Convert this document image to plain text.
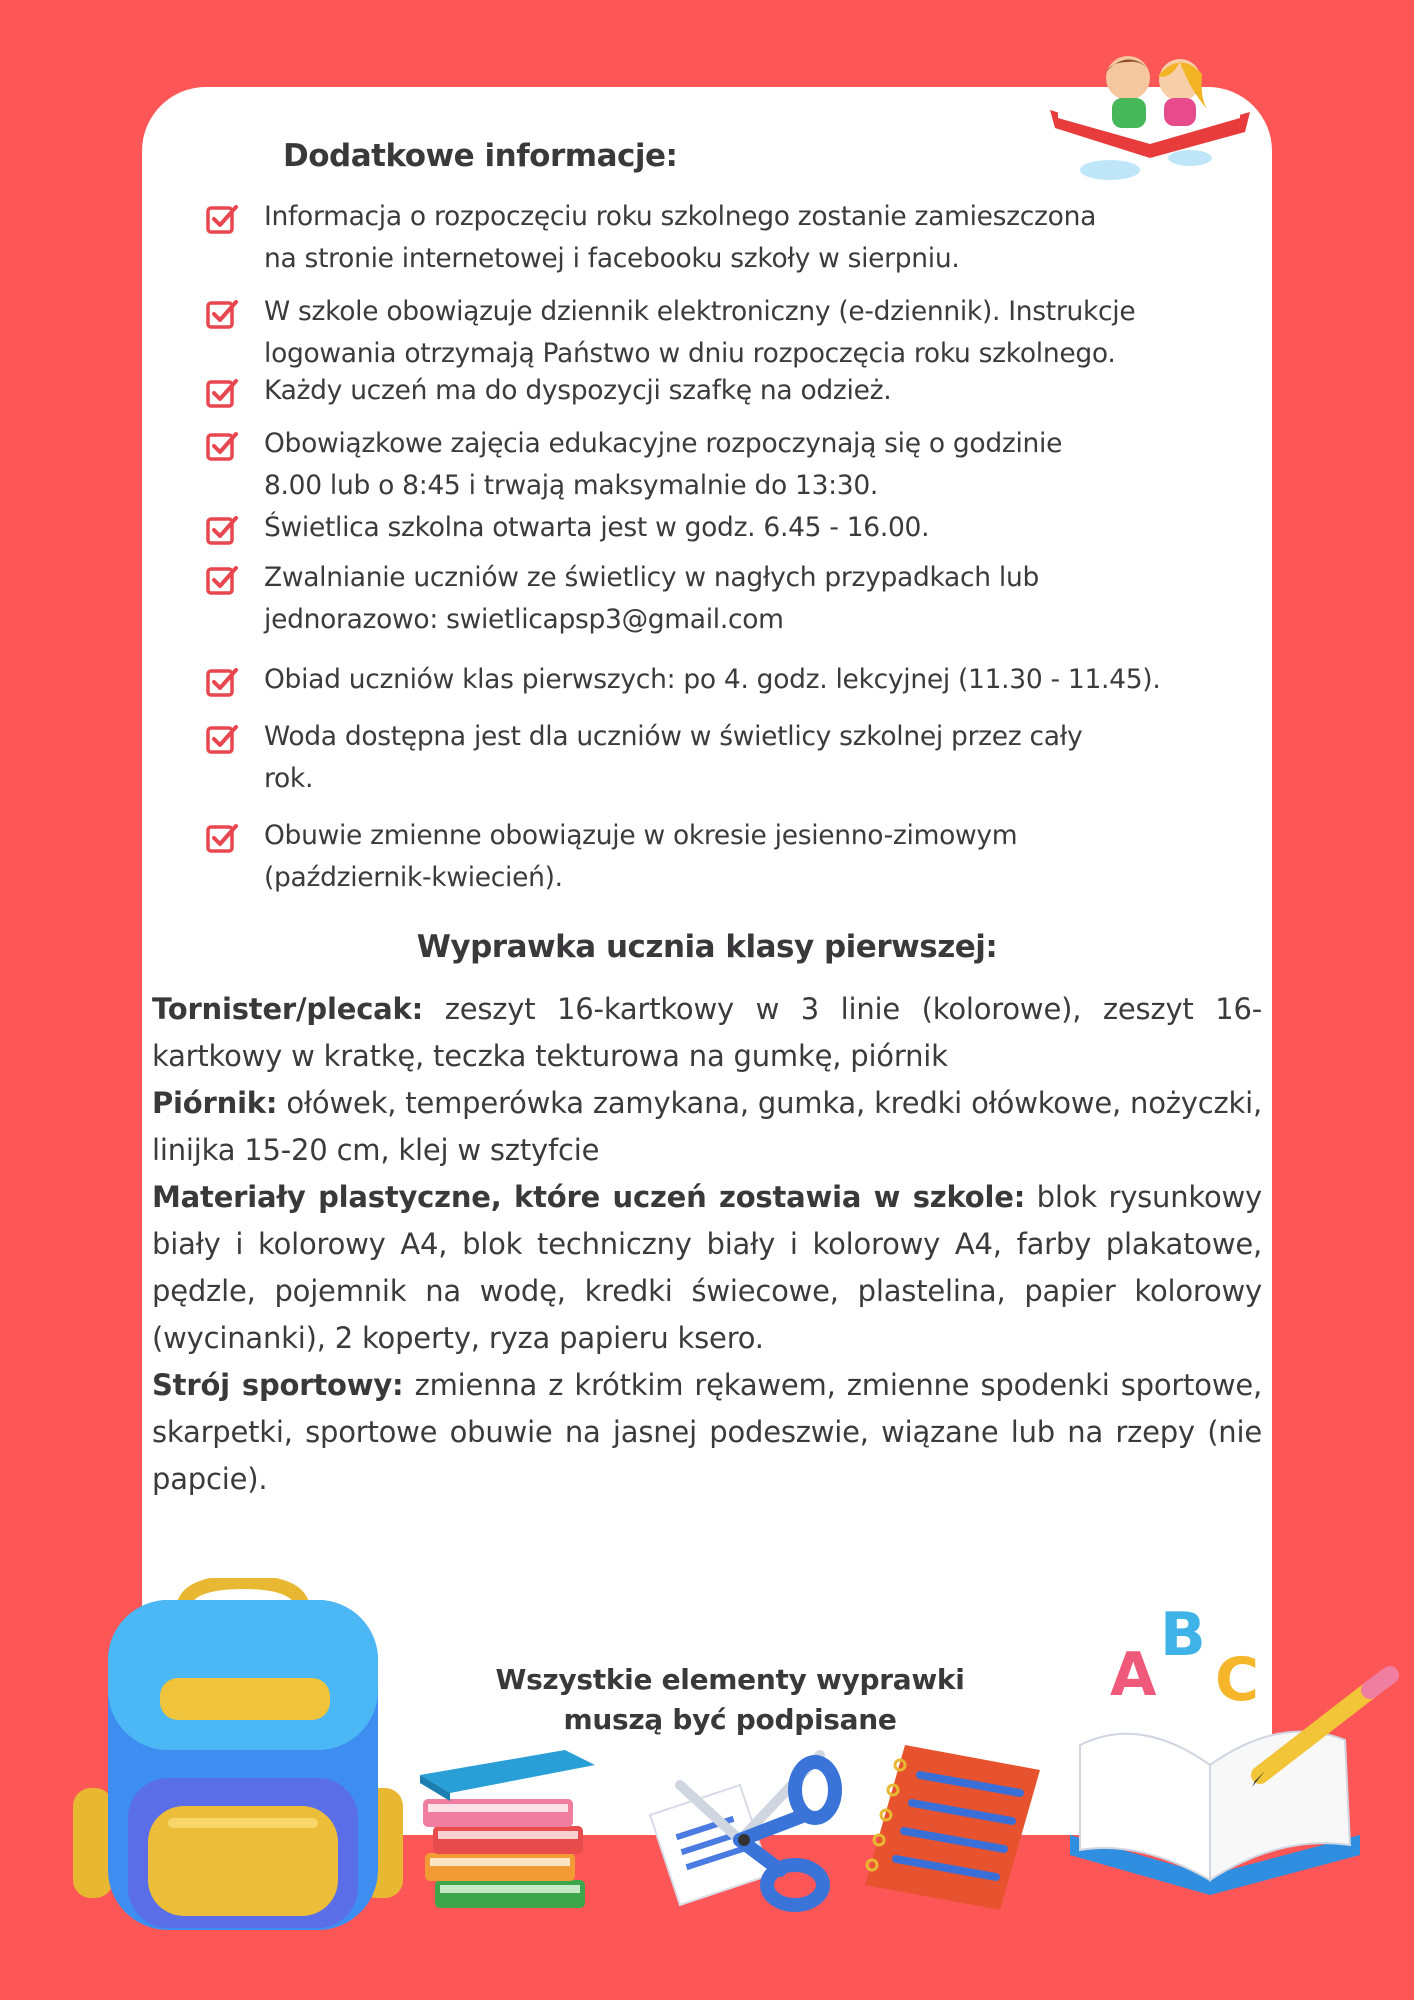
Dodatkowe informacje:
Informacja o rozpoczęciu roku szkolnego zostanie zamieszczona
na stronie internetowej i facebooku szkoły w sierpniu.
W szkole obowiązuje dziennik elektroniczny (e-dziennik). Instrukcje
logowania otrzymają Państwo w dniu rozpoczęcia roku szkolnego.
Każdy uczeń ma do dyspozycji szafkę na odzież.
Obowiązkowe zajęcia edukacyjne rozpoczynają się o godzinie
8.00 lub o 8:45 i trwają maksymalnie do 13:30.
Świetlica szkolna otwarta jest w godz. 6.45 - 16.00.
Zwalnianie uczniów ze świetlicy w nagłych przypadkach lub
jednorazowo: swietlicapsp3@gmail.com
Obiad uczniów klas pierwszych: po 4. godz. lekcyjnej (11.30 - 11.45).
Woda dostępna jest dla uczniów w świetlicy szkolnej przez cały
rok.
Obuwie zmienne obowiązuje w okresie jesienno-zimowym
(październik-kwiecień).
Wyprawka ucznia klasy pierwszej:

Tornister/plecak: zeszyt 16-kartkowy w 3 linie (kolorowe), zeszyt 16-kartkowy w kratkę, teczka tekturowa na gumkę, piórnik

Piórnik: ołówek, temperówka zamykana, gumka, kredki ołówkowe, nożyczki, linijka 15-20 cm, klej w sztyfcie

Materiały plastyczne, które uczeń zostawia w szkole: blok rysunkowy biały i kolorowy A4, blok techniczny biały i kolorowy A4, farby plakatowe, pędzle, pojemnik na wodę, kredki świecowe, plastelina, papier kolorowy (wycinanki), 2 koperty, ryza papieru ksero.

Strój sportowy: zmienna z krótkim rękawem, zmienne spodenki sportowe, skarpetki, sportowe obuwie na jasnej podeszwie, wiązane lub na rzepy (nie papcie).

Wszystkie elementy wyprawki
muszą być podpisane
A
B
C
